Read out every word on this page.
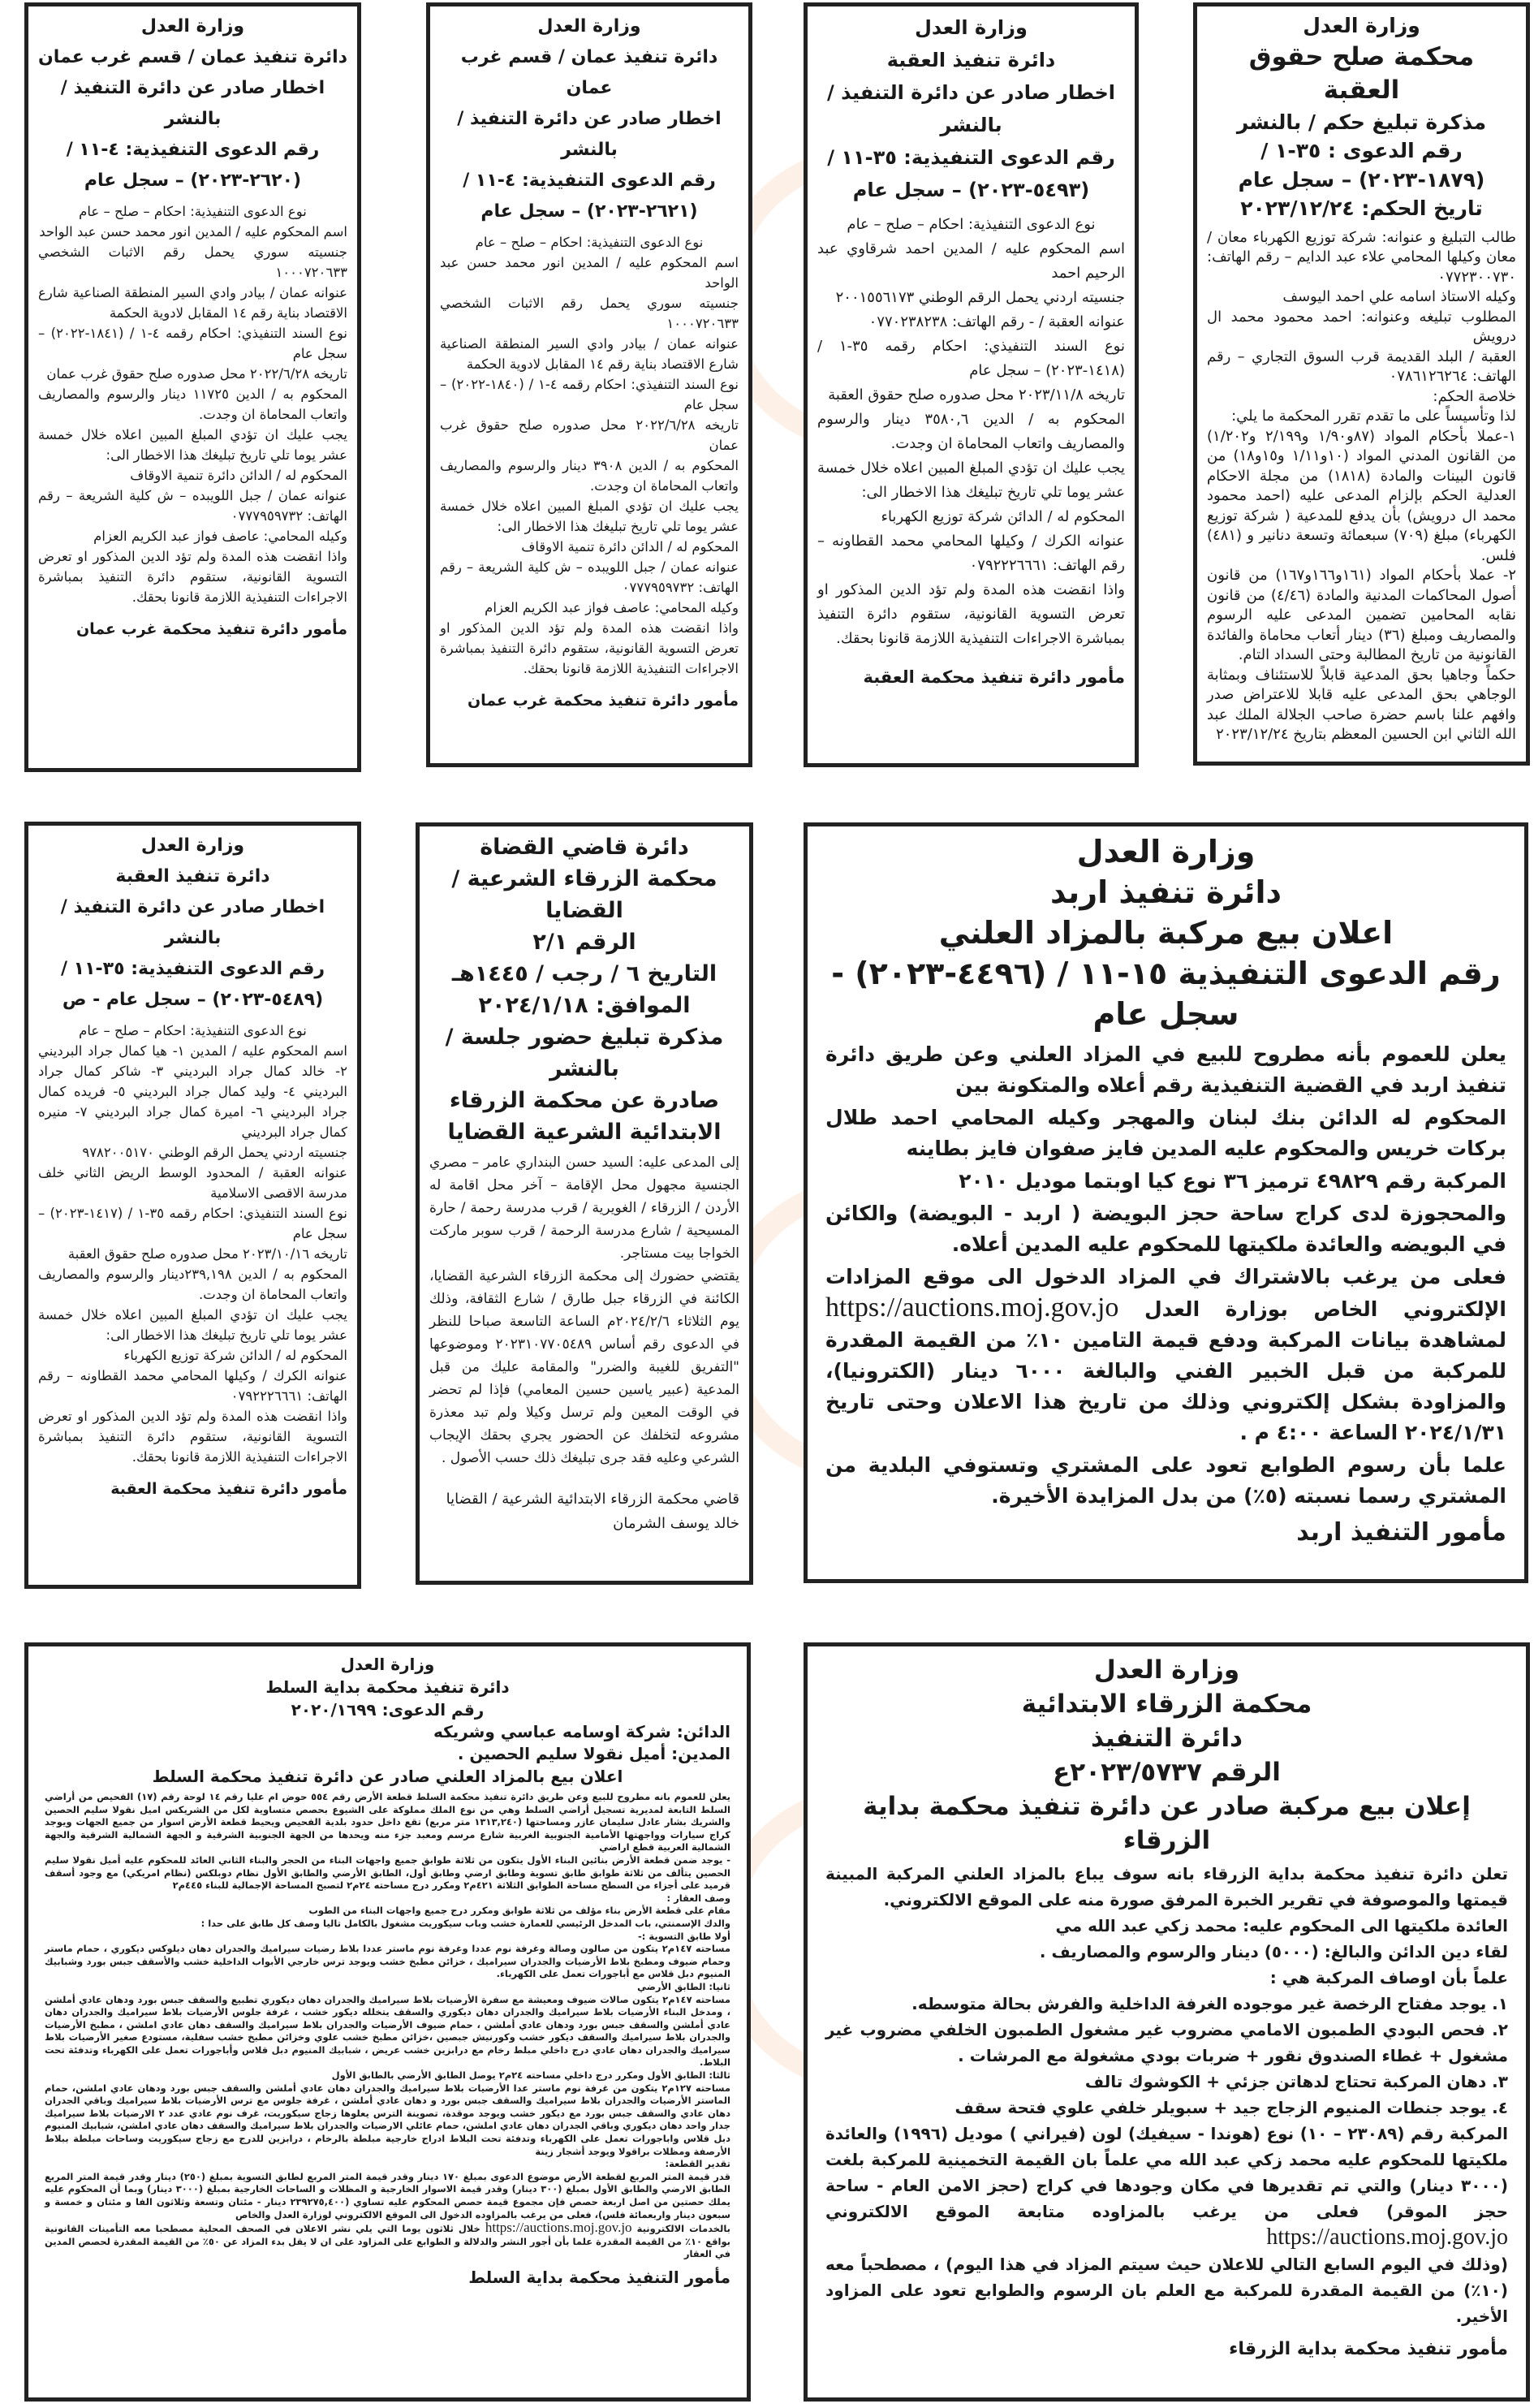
وزارة العدل

محكمة صلح حقوق العقبة

مذكرة تبليغ حكم / بالنشر

رقم الدعوى : ٣٥-١ / (١٨٧٩-٢٠٢٣) – سجل عام

تاريخ الحكم: ٢٠٢٣/١٢/٢٤

طالب التبليغ و عنوانه: شركة توزيع الكهرباء معان / معان وكيلها المحامي علاء عبد الدايم – رقم الهاتف: ٠٧٧٢٣٠٠٧٣٠

وكيله الاستاذ اسامه علي احمد اليوسف

المطلوب تبليغه وعنوانه: احمد محمود محمد ال درويش

العقبة / البلد القديمة قرب السوق التجاري – رقم الهاتف: ٠٧٨٦١٢٦٢٦٤

خلاصة الحكم:

لذا وتأسيساً على ما تقدم تقرر المحكمة ما يلي:

١-عملا بأحكام المواد (٨٧و١/٩٠ و٢/١٩٩ و١/٢٠٢) من القانون المدني المواد (١٠و١/١١ و١٥و١٨) من قانون البينات والمادة (١٨١٨) من مجلة الاحكام العدلية الحكم بإلزام المدعى عليه (احمد محمود محمد ال درويش) بأن يدفع للمدعية ( شركة توزيع الكهرباء) مبلغ (٧٠٩) سبعمائة وتسعة دنانير و (٤٨١) فلس.

٢- عملا بأحكام المواد (١٦١و١٦٦و١٦٧) من قانون أصول المحاكمات المدنية والمادة (٤/٤٦) من قانون نقابه المحامين تضمين المدعى عليه الرسوم والمصاريف ومبلغ (٣٦) دينار أتعاب محاماة والفائدة القانونية من تاريخ المطالبة وحتى السداد التام.

حكماً وجاهيا بحق المدعية قابلاً للاستئناف وبمثابة الوجاهي بحق المدعى عليه قابلا للاعتراض صدر وافهم علنا باسم حضرة صاحب الجلالة الملك عبد الله الثاني ابن الحسين المعظم بتاريخ ٢٠٢٣/١٢/٢٤

وزارة العدل

دائرة تنفيذ العقبة

اخطار صادر عن دائرة التنفيذ / بالنشر

رقم الدعوى التنفيذية: ٣٥-١١ /

(٥٤٩٣-٢٠٢٣) – سجل عام

نوع الدعوى التنفيذية: احكام – صلح – عام

اسم المحكوم عليه / المدين احمد شرقاوي عبد الرحيم احمد

جنسيته اردني يحمل الرقم الوطني ٢٠٠١٥٥٦١٧٣

عنوانه العقبة / - رقم الهاتف: ٠٧٧٠٢٣٨٢٣٨

نوع السند التنفيذي: احكام رقمه ٣٥-١ / (١٤١٨-٢٠٢٣) – سجل عام

تاريخه ٢٠٢٣/١١/٨ محل صدوره صلح حقوق العقبة

المحكوم به / الدين ٣٥٨٠,٦ دينار والرسوم والمصاريف واتعاب المحاماة ان وجدت.

يجب عليك ان تؤدي المبلغ المبين اعلاه خلال خمسة عشر يوما تلي تاريخ تبليغك هذا الاخطار الى:

المحكوم له / الدائن شركة توزيع الكهرباء

عنوانه الكرك / وكيلها المحامي محمد القطاونه – رقم الهاتف: ٠٧٩٢٢٢٦٦٦١

واذا انقضت هذه المدة ولم تؤد الدين المذكور او تعرض التسوية القانونية، ستقوم دائرة التنفيذ بمباشرة الاجراءات التنفيذية اللازمة قانونا بحقك.

مأمور دائرة تنفيذ محكمة العقبة

وزارة العدل

دائرة تنفيذ عمان / قسم غرب عمان

اخطار صادر عن دائرة التنفيذ / بالنشر

رقم الدعوى التنفيذية: ٤-١١ /

(٢٦٢١-٢٠٢٣) – سجل عام

نوع الدعوى التنفيذية: احكام – صلح – عام

اسم المحكوم عليه / المدين انور محمد حسن عبد الواحد

جنسيته سوري يحمل رقم الاثبات الشخصي ١٠٠٠٧٢٠٦٣٣

عنوانه عمان / بيادر وادي السير المنطقة الصناعية شارع الاقتصاد بناية رقم ١٤ المقابل لادوية الحكمة

نوع السند التنفيذي: احكام رقمه ٤-١ / (١٨٤٠-٢٠٢٢) – سجل عام

تاريخه ٢٠٢٢/٦/٢٨ محل صدوره صلح حقوق غرب عمان

المحكوم به / الدين ٣٩٠٨ دينار والرسوم والمصاريف واتعاب المحاماة ان وجدت.

يجب عليك ان تؤدي المبلغ المبين اعلاه خلال خمسة عشر يوما تلي تاريخ تبليغك هذا الاخطار الى:

المحكوم له / الدائن دائرة تنمية الاوقاف

عنوانه عمان / جبل اللويبده – ش كلية الشريعة – رقم الهاتف: ٠٧٧٧٩٥٩٧٣٢

وكيله المحامي: عاصف فواز عبد الكريم العزام

واذا انقضت هذه المدة ولم تؤد الدين المذكور او تعرض التسوية القانونية، ستقوم دائرة التنفيذ بمباشرة الاجراءات التنفيذية اللازمة قانونا بحقك.

مأمور دائرة تنفيذ محكمة غرب عمان

وزارة العدل

دائرة تنفيذ عمان / قسم غرب عمان

اخطار صادر عن دائرة التنفيذ / بالنشر

رقم الدعوى التنفيذية: ٤-١١ /

(٢٦٢٠-٢٠٢٣) – سجل عام

نوع الدعوى التنفيذية: احكام – صلح – عام

اسم المحكوم عليه / المدين انور محمد حسن عبد الواحد

جنسيته سوري يحمل رقم الاثبات الشخصي ١٠٠٠٧٢٠٦٣٣

عنوانه عمان / بيادر وادي السير المنطقة الصناعية شارع الاقتصاد بناية رقم ١٤ المقابل لادوية الحكمة

نوع السند التنفيذي: احكام رقمه ٤-١ / (١٨٤١-٢٠٢٢) – سجل عام

تاريخه ٢٠٢٢/٦/٢٨ محل صدوره صلح حقوق غرب عمان

المحكوم به / الدين ١١٧٢٥ دينار والرسوم والمصاريف واتعاب المحاماة ان وجدت.

يجب عليك ان تؤدي المبلغ المبين اعلاه خلال خمسة عشر يوما تلي تاريخ تبليغك هذا الاخطار الى:

المحكوم له / الدائن دائرة تنمية الاوقاف

عنوانه عمان / جبل اللويبده – ش كلية الشريعة – رقم الهاتف: ٠٧٧٧٩٥٩٧٣٢

وكيله المحامي: عاصف فواز عبد الكريم العزام

واذا انقضت هذه المدة ولم تؤد الدين المذكور او تعرض التسوية القانونية، ستقوم دائرة التنفيذ بمباشرة الاجراءات التنفيذية اللازمة قانونا بحقك.

مأمور دائرة تنفيذ محكمة غرب عمان

وزارة العدل

دائرة تنفيذ اربد

اعلان بيع مركبة بالمزاد العلني

رقم الدعوى التنفيذية ١٥-١١ / (٤٤٩٦-٢٠٢٣) - سجل عام

يعلن للعموم بأنه مطروح للبيع في المزاد العلني وعن طريق دائرة تنفيذ اربد في القضية التنفيذية رقم أعلاه والمتكونة بين

المحكوم له الدائن بنك لبنان والمهجر وكيله المحامي احمد طلال بركات خريس والمحكوم عليه المدين فايز صفوان فايز بطاينه

المركبة رقم ٤٩٨٢٩ ترميز ٣٦ نوع كيا اوبتما موديل ٢٠١٠

والمحجوزة لدى كراج ساحة حجز البويضة ( اربد - البويضة) والكائن في البويضه والعائدة ملكيتها للمحكوم عليه المدين أعلاه.

فعلى من يرغب بالاشتراك في المزاد الدخول الى موقع المزادات الإلكتروني الخاص بوزارة العدل https://auctions.moj.gov.jo لمشاهدة بيانات المركبة ودفع قيمة التامين ١٠٪ من القيمة المقدرة للمركبة من قبل الخبير الفني والبالغة ٦٠٠٠ دينار (الكترونيا)، والمزاودة بشكل إلكتروني وذلك من تاريخ هذا الاعلان وحتى تاريخ ٢٠٢٤/١/٣١ الساعة ٤:٠٠ م .

علما بأن رسوم الطوابع تعود على المشتري وتستوفي البلدية من المشتري رسما نسبته (٥٪) من بدل المزايدة الأخيرة.

مأمور التنفيذ اربد

دائرة قاضي القضاة

محكمة الزرقاء الشرعية / القضايا

الرقم ٢/١

التاريخ ٦ / رجب / ١٤٤٥هـ

الموافق: ٢٠٢٤/١/١٨

مذكرة تبليغ حضور جلسة / بالنشر

صادرة عن محكمة الزرقاء الابتدائية الشرعية القضايا

إلى المدعى عليه: السيد حسن البنداري عامر – مصري الجنسية مجهول محل الإقامة – آخر محل اقامة له الأردن / الزرقاء / الغويرية / قرب مدرسة رحمة / حارة المسيحية / شارع مدرسة الرحمة / قرب سوبر ماركت الخواجا بيت مستاجر.

يقتضي حضورك إلى محكمة الزرقاء الشرعية القضايا، الكائنة في الزرقاء جبل طارق / شارع الثقافة، وذلك يوم الثلاثاء ٢٠٢٤/٢/٦م الساعة التاسعة صباحا للنظر في الدعوى رقم أساس ٢٠٢٣١٠٧٧٠٥٤٨٩ وموضوعها "التفريق للغيبة والضرر" والمقامة عليك من قبل المدعية (عبير ياسين حسين المعامي) فإذا لم تحضر في الوقت المعين ولم ترسل وكيلا ولم تبد معذرة مشروعه لتخلفك عن الحضور يجري بحقك الإيجاب الشرعي وعليه فقد جرى تبليغك ذلك حسب الأصول .

قاضي محكمة الزرقاء الابتدائية الشرعية / القضايا

خالد يوسف الشرمان

وزارة العدل

دائرة تنفيذ العقبة

اخطار صادر عن دائرة التنفيذ / بالنشر

رقم الدعوى التنفيذية: ٣٥-١١ /

(٥٤٨٩-٢٠٢٣) – سجل عام - ص

نوع الدعوى التنفيذية: احكام – صلح – عام

اسم المحكوم عليه / المدين ١- هيا كمال جراد البرديني ٢- خالد كمال جراد البرديني ٣- شاكر كمال جراد البرديني ٤- وليد كمال جراد البرديني ٥- فريده كمال جراد البرديني ٦- اميرة كمال جراد البرديني ٧- منيره كمال جراد البرديني

جنسيته اردني يحمل الرقم الوطني ٩٧٨٢٠٠٥١٧٠

عنوانه العقبة / المحدود الوسط الريض الثاني خلف مدرسة الاقصى الاسلامية

نوع السند التنفيذي: احكام رقمه ٣٥-١ / (١٤١٧-٢٠٢٣) – سجل عام

تاريخه ٢٠٢٣/١٠/١٦ محل صدوره صلح حقوق العقبة

المحكوم به / الدين ٢٣٩,١٩٨دينار والرسوم والمصاريف واتعاب المحاماة ان وجدت.

يجب عليك ان تؤدي المبلغ المبين اعلاه خلال خمسة عشر يوما تلي تاريخ تبليغك هذا الاخطار الى:

المحكوم له / الدائن شركة توزيع الكهرباء

عنوانه الكرك / وكيلها المحامي محمد القطاونه – رقم الهاتف: ٠٧٩٢٢٢٦٦٦١

واذا انقضت هذه المدة ولم تؤد الدين المذكور او تعرض التسوية القانونية، ستقوم دائرة التنفيذ بمباشرة الاجراءات التنفيذية اللازمة قانونا بحقك.

مأمور دائرة تنفيذ محكمة العقبة

وزارة العدل

محكمة الزرقاء الابتدائية

دائرة التنفيذ

الرقم ٢٠٢٣/٥٧٣٧ع

إعلان بيع مركبة صادر عن دائرة تنفيذ محكمة بداية الزرقاء

تعلن دائرة تنفيذ محكمة بداية الزرقاء بانه سوف يباع بالمزاد العلني المركبة المبينة قيمتها والموصوفة في تقرير الخبرة المرفق صورة منه على الموقع الالكتروني.

العائدة ملكيتها الى المحكوم عليه: محمد زكي عبد الله مي

لقاء دين الدائن والبالغ: (٥٠٠٠) دينار والرسوم والمصاريف .

علماً بأن اوصاف المركبة هي :

١. يوجد مفتاح الرخصة غير موجوده الغرفة الداخلية والفرش بحالة متوسطه.

٢. فحص البودي الطمبون الامامي مضروب غير مشغول الطمبون الخلفي مضروب غير مشغول + غطاء الصندوق نقور + ضربات بودي مشغولة مع المرشات .

٣. دهان المركبة تحتاج لدهاتن جزئي + الكوشوك تالف

٤. يوجد جنطات المنيوم الزجاج جيد + سبويلر خلفي علوي فتحة سقف

المركبة رقم (٢٣٠٨٩ – ١٠) نوع (هوندا - سيفيك) لون (فيراني ) موديل (١٩٩٦) والعائدة ملكيتها للمحكوم عليه محمد زكي عبد الله مي علماً بان القيمة التخمينية للمركبة بلغت (٣٠٠٠ دينار) والتي تم تقديرها في مكان وجودها في كراج (حجز الامن العام - ساحة حجز الموقر) فعلى من يرغب بالمزاوده متابعة الموقع الالكتروني https://auctions.moj.gov.jo

(وذلك في اليوم السابع التالي للاعلان حيث سيتم المزاد في هذا اليوم) ، مصطحباً معه (١٠٪) من القيمة المقدرة للمركبة مع العلم بان الرسوم والطوابع تعود على المزاود الأخير.

مأمور تنفيذ محكمة بداية الزرقاء

وزارة العدل

دائرة تنفيذ محكمة بداية السلط

رقم الدعوى: ٢٠٢٠/١٦٩٩

الدائن: شركة اوسامه عباسي وشريكه

المدين: أميل نقولا سليم الحصين .

اعلان بيع بالمزاد العلني صادر عن دائرة تنفيذ محكمة السلط

يعلن للعموم بانه مطروح للبيع وعن طريق دائرة تنفيذ محكمة السلط قطعة الأرض رقم ٥٥٤ حوض ام عليا رقم ١٤ لوحة رقم (١٧) الفحيص من أراضي السلط التابعة لمديرية تسجيل أراضي السلط وهي من نوع الملك مملوكة على الشيوع بحصص متساوية لكل من الشريكس اميل نقولا سليم الحصين والشريك بشار عادل سليمان عازر ومساحتها (١٣١٣,٢٤٠ متر مربع) تقع داخل حدود بلدية الفحيص ويحيط قطعة الأرض اسوار من جميع الجهات ويوجد كراج سيارات وواجهتها الأمامية الجنوبية الغربية شارع مرسم ومعبد جزء منه ويحدها من الجهة الجنوبية الشرقية و الجهة الشمالية الشرقية والجهة الشمالية العربية قطع اراضي

- يوجد ضمن قطعة الأرض بنائين البناء الأول يتكون من ثلاثة طوابق جميع واجهات البناء من الحجر والبناء الثاني العائد للمحكوم عليه أميل نقولا سليم الحصين يتألف من ثلاثة طوابق طابق تسوية وطابق ارضي وطابق أول، الطابق الأرضي والطابق الأول نظام دوبلكس (نظام امريكي) مع وجود أسقف قرميد على أجزاء من السطح مساحة الطوابق الثلاثة ٤٢١م٢ ومكرر درج مساحته ٢٤م٢ لتصبح المساحة الإجمالية للبناء ٤٤٥م٢

وصف العقار :

مقام على قطعة الأرض بناء مؤلف من ثلاثة طوابق ومكرر درج جميع واجهات البناء من الطوب

والدك الإسمنتي، باب المدخل الرئيسي للعمارة خشب وباب سيكوريت مشغول بالكامل تاليا وصف كل طابق على حدا :

أولا طابق التسوية :-

مساحته ١٤٧م٢ يتكون من صالون وصالة وغرفة نوم عددا وغرفة نوم ماستر عددا بلاط رضيات سيراميك والجدران دهان ديلوكس ديكوري ، حمام ماستر وحمام ضيوف ومطبخ بلاط الأرضيات والجدران سيراميك ، خزائن مطبخ خشب ويوجد ترس خارجي الأبواب الداخلية خشب والأسقف جبس بورد وشبابيك المنيوم دبل قلاس مع أباجورات تعمل على الكهرباء.

ثانيا: الطابق الأرضي

مساحته ١٤٧م٢ يتكون صالات ضيوف ومعيشة مع سفرة الأرضيات بلاط سيراميك والجدران دهان ديكوري تطبيع والسقف جبس بورد ودهان عادي أملشن ، ومدخل البناء الأرضيات بلاط سيراميك والجدران دهان ديكوري والسقف يتخلله ديكور خشب ، غرفة جلوس الأرضيات بلاط سيراميك والجدران دهان عادي أملشن والسقف جبس بورد ودهان عادي أملشن ، حمام ضيوف الأرضيات والجدران بلاط سيراميك والسقف دهان عادي املشن ، مطبخ الأرضيات والجدران بلاط سيراميك والسقف ديكور خشب وكورنيش جبصين ،خزائن مطبخ خشب علوي وخزائن مطبخ خشب سفلية، مستودع صغير الأرضيات بلاط سيراميك والجدران دهان عادي درج داخلي مبلط رخام مع درابزين خشب عريض ، شبابيك المنيوم دبل قلاس وأباجورات تعمل على الكهرباء وتدفئة تحت البلاط.

ثالثا: الطابق الأول ومكرر درج داخلي مساحته ٢٤م٢ يوصل الطابق الأرضي بالطابق الأول

مساحته ١٢٧م٢ يتكون من غرفة نوم ماستر عدا الأرضيات بلاط سيراميك والجدران دهان عادي أملشن والسقف جبس بورد ودهان عادي املشن، حمام الماستر الأرضيات والجدران بلاط سيراميك والسقف جبس بورد و دهان عادي أملشن ، غرفة جلوس مع ترس الأرضيات بلاط سيراميك وباقي الجدران دهان عادي والسقف جبس بورد مع ديكور خشب ويوجد موقدة، تصوينة الترس يعلوها زجاج سيكوريت، غرف نوم عادي عدد ٢ الارضيات بلاط سيراميك جدار واحد دهان ديكوري وباقي الجدران دهان عادي املشن، حمام عائلي الارضيات والجدران بلاط سيراميك والسقف دهان عادي املشن، شبابيك المنيوم دبل قلاس واباجورات تعمل على الكهرباء وتدفئة تحت البلاط ادراج خارجية مبلطة بالرخام ، درابزين للدرج مع زجاج سيكوريت وساحات مبلطة ببلاط الأرصفة ومظلات براقولا ويوجد أشجار زينة

تقدير القطعة:

قدر قيمة المتر المربع لقطعة الأرض موضوع الدعوى بمبلغ ١٧٠ دينار وقدر قيمة المتر المربع لطابق التسوية بمبلغ (٢٥٠) دينار وقدر قيمة المتر المربع الطابق الارضي والطابق الأول بمبلغ (٣٠٠ دينار) وقدر قيمة الاسوار الخارجية و المظلات و الساحات الخارجية بمبلغ (٣٠٠٠ دينار) وبما أن المحكوم عليه يملك حصتين من اصل اربعة حصص فإن مجموع قيمة حصص المحكوم عليه تساوي (٢٣٩٢٧٥,٤٠٠ دينار - مئتان وتسعة وثلاثون الفا و مئتان و خمسة و سبعون دينار واربعمائة فلس)، فعلى من يرغب بالمزاوده الدخول الى الموقع الالكتروني لوزارة العدل والخاص

بالخدمات الالكترونية https://auctions.moj.gov.jo خلال ثلاثون يوما التي يلي نشر الاعلان في الصحف المحلية مصطحبا معه التأمينات القانونية بواقع ١٠٪ من القيمة المقدرة علما بأن أجور النشر والدلالة و الطوابع على المزاود على ان لا يقل بدء المزاد عن ٥٠٪ من القيمة المقدرة لحصص المدين في العقار

مأمور التنفيذ محكمة بداية السلط
